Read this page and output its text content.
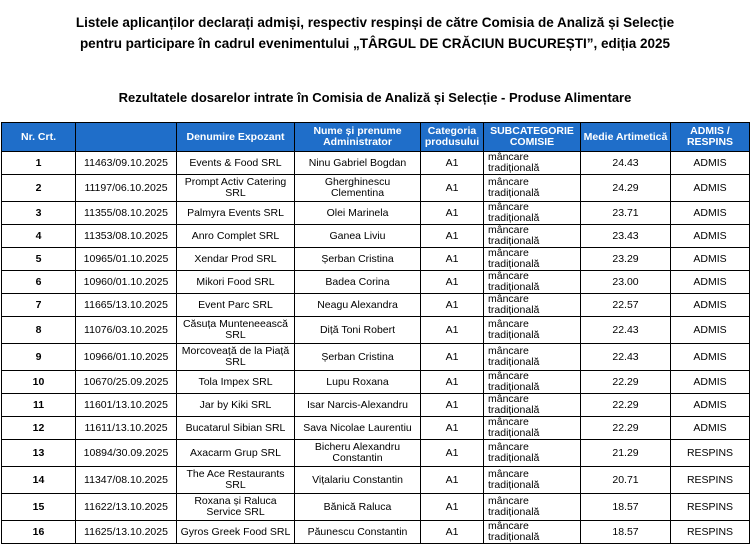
Listele aplicanților declarați admiși, respectiv respinși de către Comisia de Analiză și Selecție
pentru participare în cadrul evenimentului „TÂRGUL DE CRĂCIUN BUCUREȘTI”, ediția 2025
Rezultatele dosarelor intrate în Comisia de Analiză și Selecție - Produse Alimentare
Nr. Crt.		Denumire Expozant	Nume și prenume Administrator	Categoria produsului	SUBCATEGORIE COMISIE	Medie Artimetică	ADMIS / RESPINS
1	11463/09.10.2025	Events & Food SRL	Ninu Gabriel Bogdan	A1	mâncare tradițională	24.43	ADMIS
2	11197/06.10.2025	Prompt Activ Catering SRL	Gherghinescu Clementina	A1	mâncare tradițională	24.29	ADMIS
3	11355/08.10.2025	Palmyra Events SRL	Olei Marinela	A1	mâncare tradițională	23.71	ADMIS
4	11353/08.10.2025	Anro Complet SRL	Ganea Liviu	A1	mâncare tradițională	23.43	ADMIS
5	10965/01.10.2025	Xendar Prod SRL	Șerban Cristina	A1	mâncare tradițională	23.29	ADMIS
6	10960/01.10.2025	Mikori Food SRL	Badea Corina	A1	mâncare tradițională	23.00	ADMIS
7	11665/13.10.2025	Event Parc SRL	Neagu Alexandra	A1	mâncare tradițională	22.57	ADMIS
8	11076/03.10.2025	Căsuța Munteneească SRL	Diță Toni Robert	A1	mâncare tradițională	22.43	ADMIS
9	10966/01.10.2025	Morcoveață de la Piață SRL	Șerban Cristina	A1	mâncare tradițională	22.43	ADMIS
10	10670/25.09.2025	Tola Impex SRL	Lupu Roxana	A1	mâncare tradițională	22.29	ADMIS
11	11601/13.10.2025	Jar by Kiki SRL	Isar Narcis-Alexandru	A1	mâncare tradițională	22.29	ADMIS
12	11611/13.10.2025	Bucatarul Sibian SRL	Sava Nicolae Laurentiu	A1	mâncare tradițională	22.29	ADMIS
13	10894/30.09.2025	Axacarm Grup SRL	Bicheru Alexandru Constantin	A1	mâncare tradițională	21.29	RESPINS
14	11347/08.10.2025	The Ace Restaurants SRL	Vițalariu Constantin	A1	mâncare tradițională	20.71	RESPINS
15	11622/13.10.2025	Roxana și Raluca Service SRL	Bănică Raluca	A1	mâncare tradițională	18.57	RESPINS
16	11625/13.10.2025	Gyros Greek Food SRL	Păunescu Constantin	A1	mâncare tradițională	18.57	RESPINS
